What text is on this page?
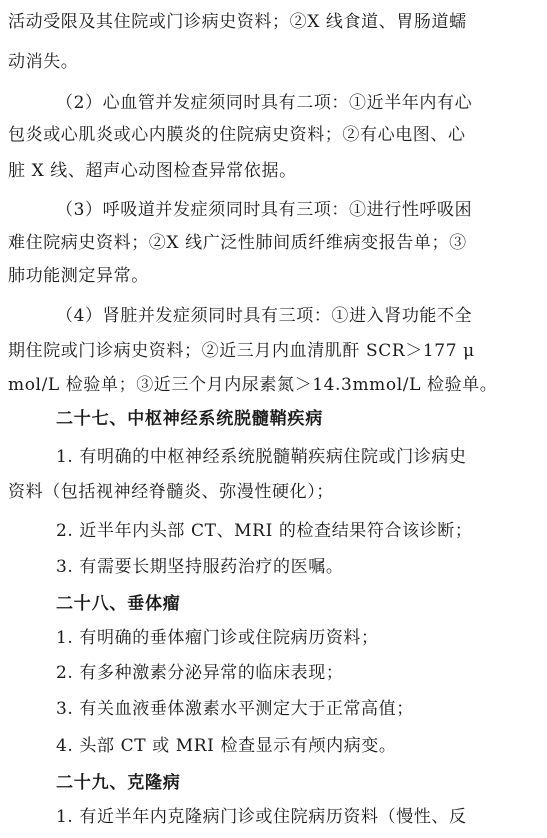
活动受限及其住院或门诊病史资料；②X 线食道、胃肠道蠕
动消失。
（2）心血管并发症须同时具有二项：①近半年内有心
包炎或心肌炎或心内膜炎的住院病史资料；②有心电图、心
脏 X 线、超声心动图检查异常依据。
（3）呼吸道并发症须同时具有三项：①进行性呼吸困
难住院病史资料；②X 线广泛性肺间质纤维病变报告单；③
肺功能测定异常。
（4）肾脏并发症须同时具有三项：①进入肾功能不全
期住院或门诊病史资料；②近三月内血清肌酐 SCR＞177 μ
mol/L 检验单；③近三个月内尿素氮＞14.3mmol/L 检验单。
二十七、中枢神经系统脱髓鞘疾病
1. 有明确的中枢神经系统脱髓鞘疾病住院或门诊病史
资料（包括视神经脊髓炎、弥漫性硬化）；
2. 近半年内头部 CT、MRI 的检查结果符合该诊断；
3. 有需要长期坚持服药治疗的医嘱。
二十八、垂体瘤
1. 有明确的垂体瘤门诊或住院病历资料；
2. 有多种激素分泌异常的临床表现；
3. 有关血液垂体激素水平测定大于正常高值；
4. 头部 CT 或 MRI 检查显示有颅内病变。
二十九、克隆病
1. 有近半年内克隆病门诊或住院病历资料（慢性、反
